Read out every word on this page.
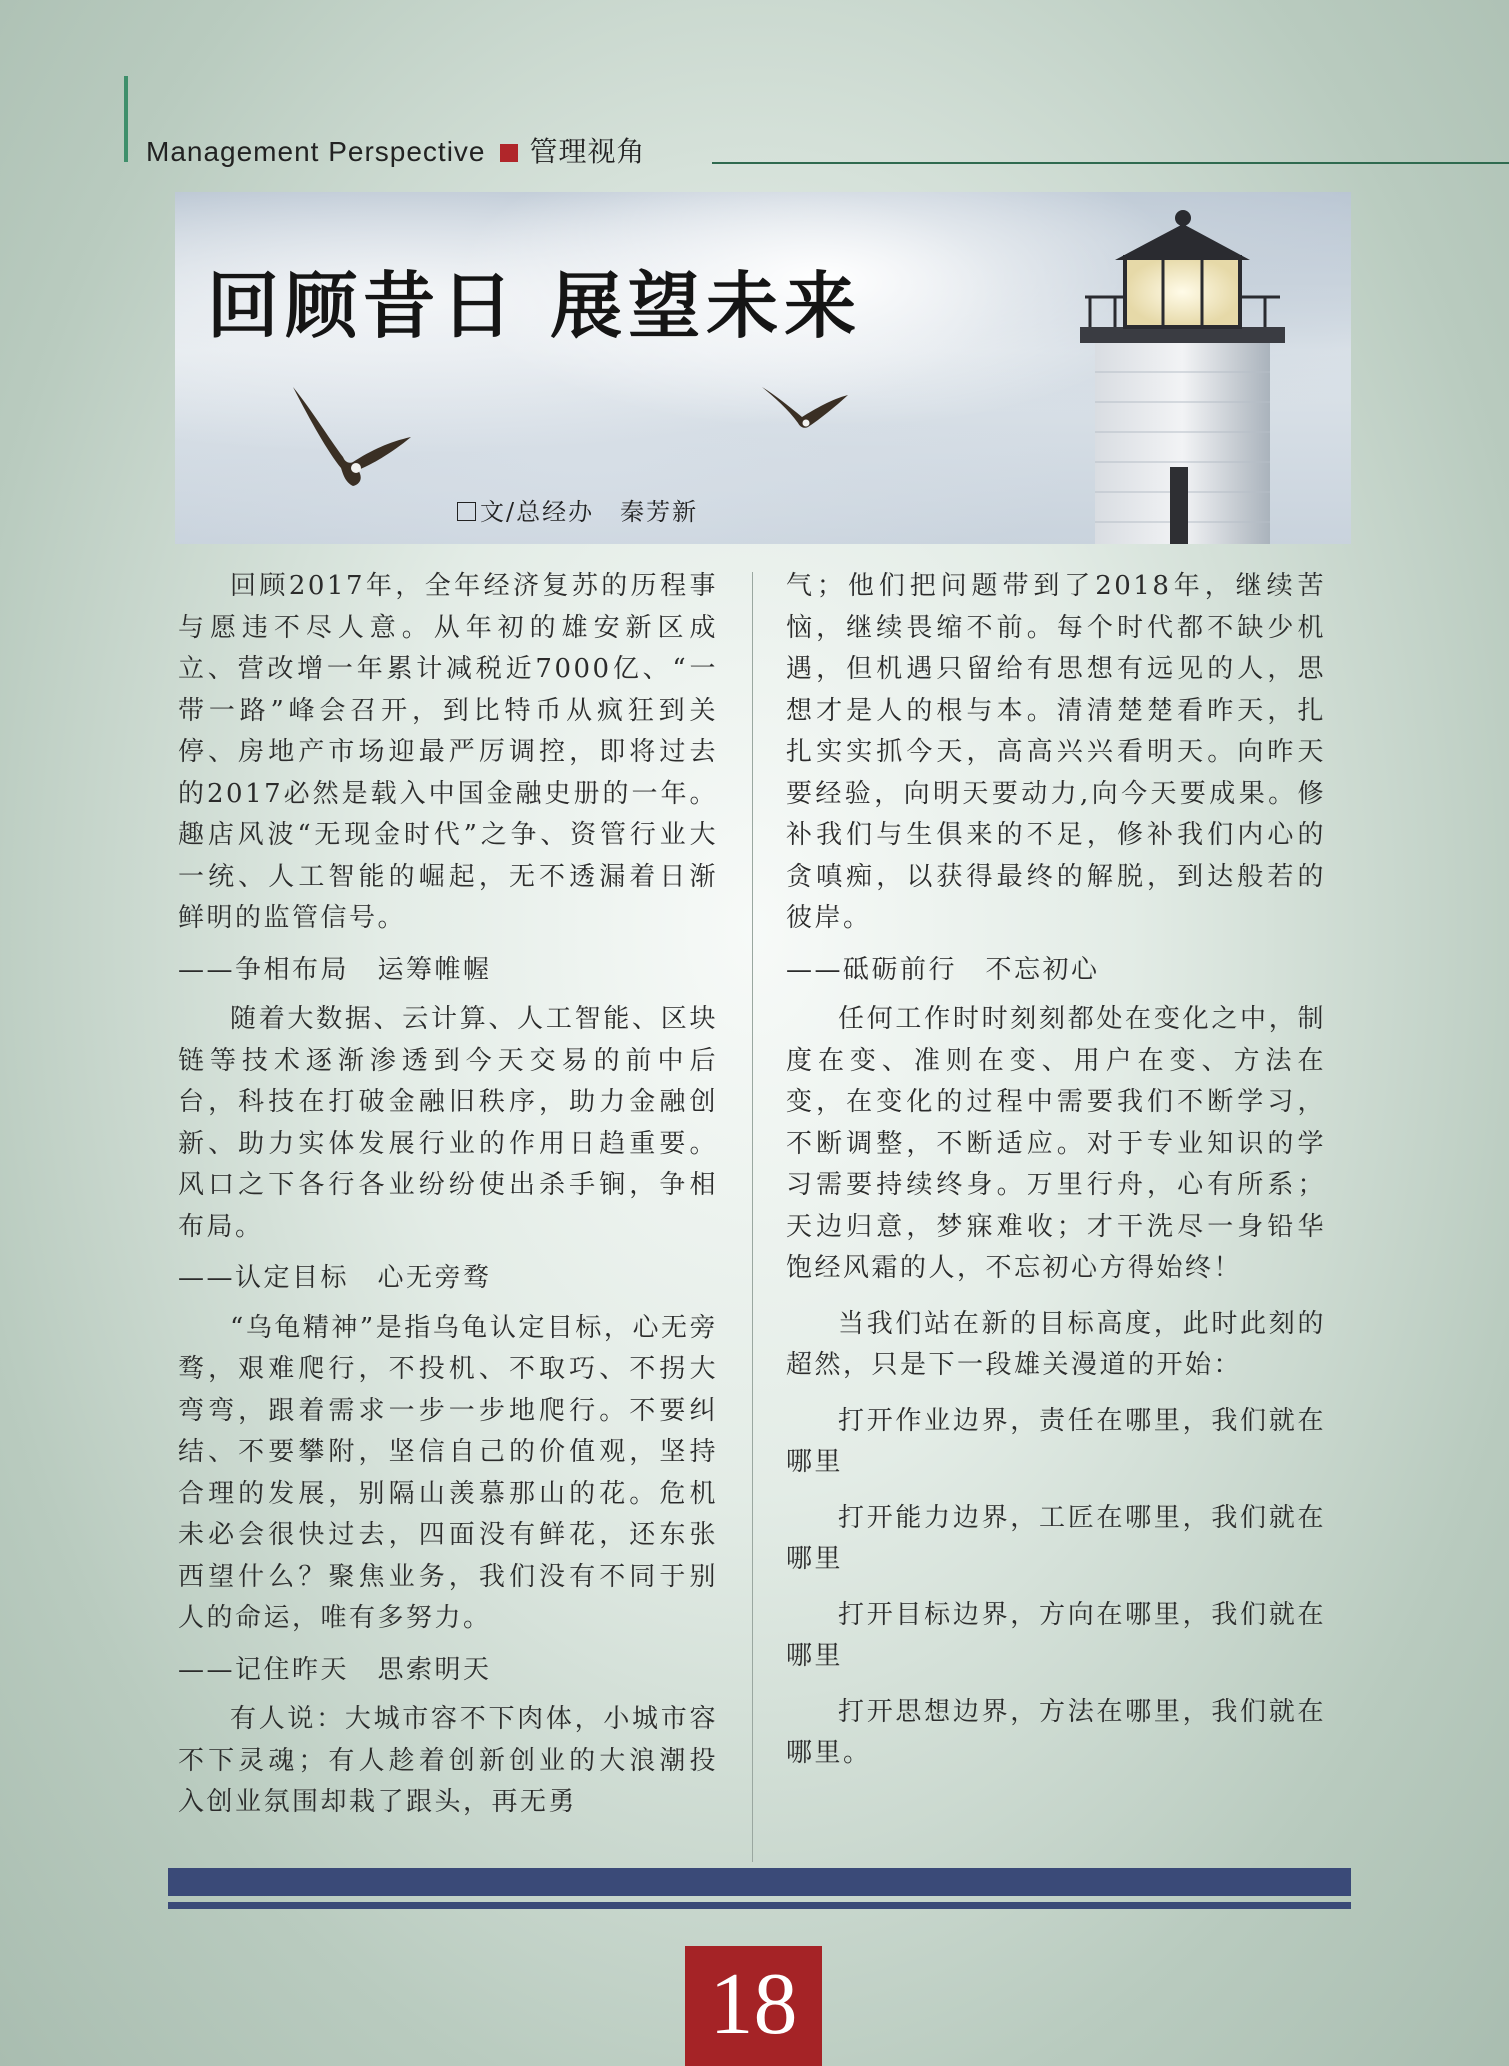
Management Perspective 管理视角
回顾昔日 展望未来
文/总经办　秦芳新

回顾2017年，全年经济复苏的历程事与愿违不尽人意。从年初的雄安新区成立、营改增一年累计减税近7000亿、“一带一路”峰会召开，到比特币从疯狂到关停、房地产市场迎最严厉调控，即将过去的2017必然是载入中国金融史册的一年。趣店风波“无现金时代”之争、资管行业大一统、人工智能的崛起，无不透漏着日渐鲜明的监管信号。

——争相布局　运筹帷幄

随着大数据、云计算、人工智能、区块链等技术逐渐渗透到今天交易的前中后台，科技在打破金融旧秩序，助力金融创新、助力实体发展行业的作用日趋重要。风口之下各行各业纷纷使出杀手锏，争相布局。

——认定目标　心无旁骛

“乌龟精神”是指乌龟认定目标，心无旁骛，艰难爬行，不投机、不取巧、不拐大弯弯，跟着需求一步一步地爬行。不要纠结、不要攀附，坚信自己的价值观，坚持合理的发展，别隔山羡慕那山的花。危机未必会很快过去，四面没有鲜花，还东张西望什么？聚焦业务，我们没有不同于别人的命运，唯有多努力。

——记住昨天　思索明天

有人说：大城市容不下肉体，小城市容不下灵魂；有人趁着创新创业的大浪潮投入创业氛围却栽了跟头，再无勇

气；他们把问题带到了2018年，继续苦恼，继续畏缩不前。每个时代都不缺少机遇，但机遇只留给有思想有远见的人，思想才是人的根与本。清清楚楚看昨天，扎扎实实抓今天，高高兴兴看明天。向昨天要经验，向明天要动力,向今天要成果。修补我们与生俱来的不足，修补我们内心的贪嗔痴，以获得最终的解脱，到达般若的彼岸。

——砥砺前行　不忘初心

任何工作时时刻刻都处在变化之中，制度在变、准则在变、用户在变、方法在变，在变化的过程中需要我们不断学习，不断调整，不断适应。对于专业知识的学习需要持续终身。万里行舟，心有所系；天边归意，梦寐难收；才干洗尽一身铅华饱经风霜的人，不忘初心方得始终！

当我们站在新的目标高度，此时此刻的超然，只是下一段雄关漫道的开始：

打开作业边界，责任在哪里，我们就在哪里

打开能力边界，工匠在哪里，我们就在哪里

打开目标边界，方向在哪里，我们就在哪里

打开思想边界，方法在哪里，我们就在哪里。

18
